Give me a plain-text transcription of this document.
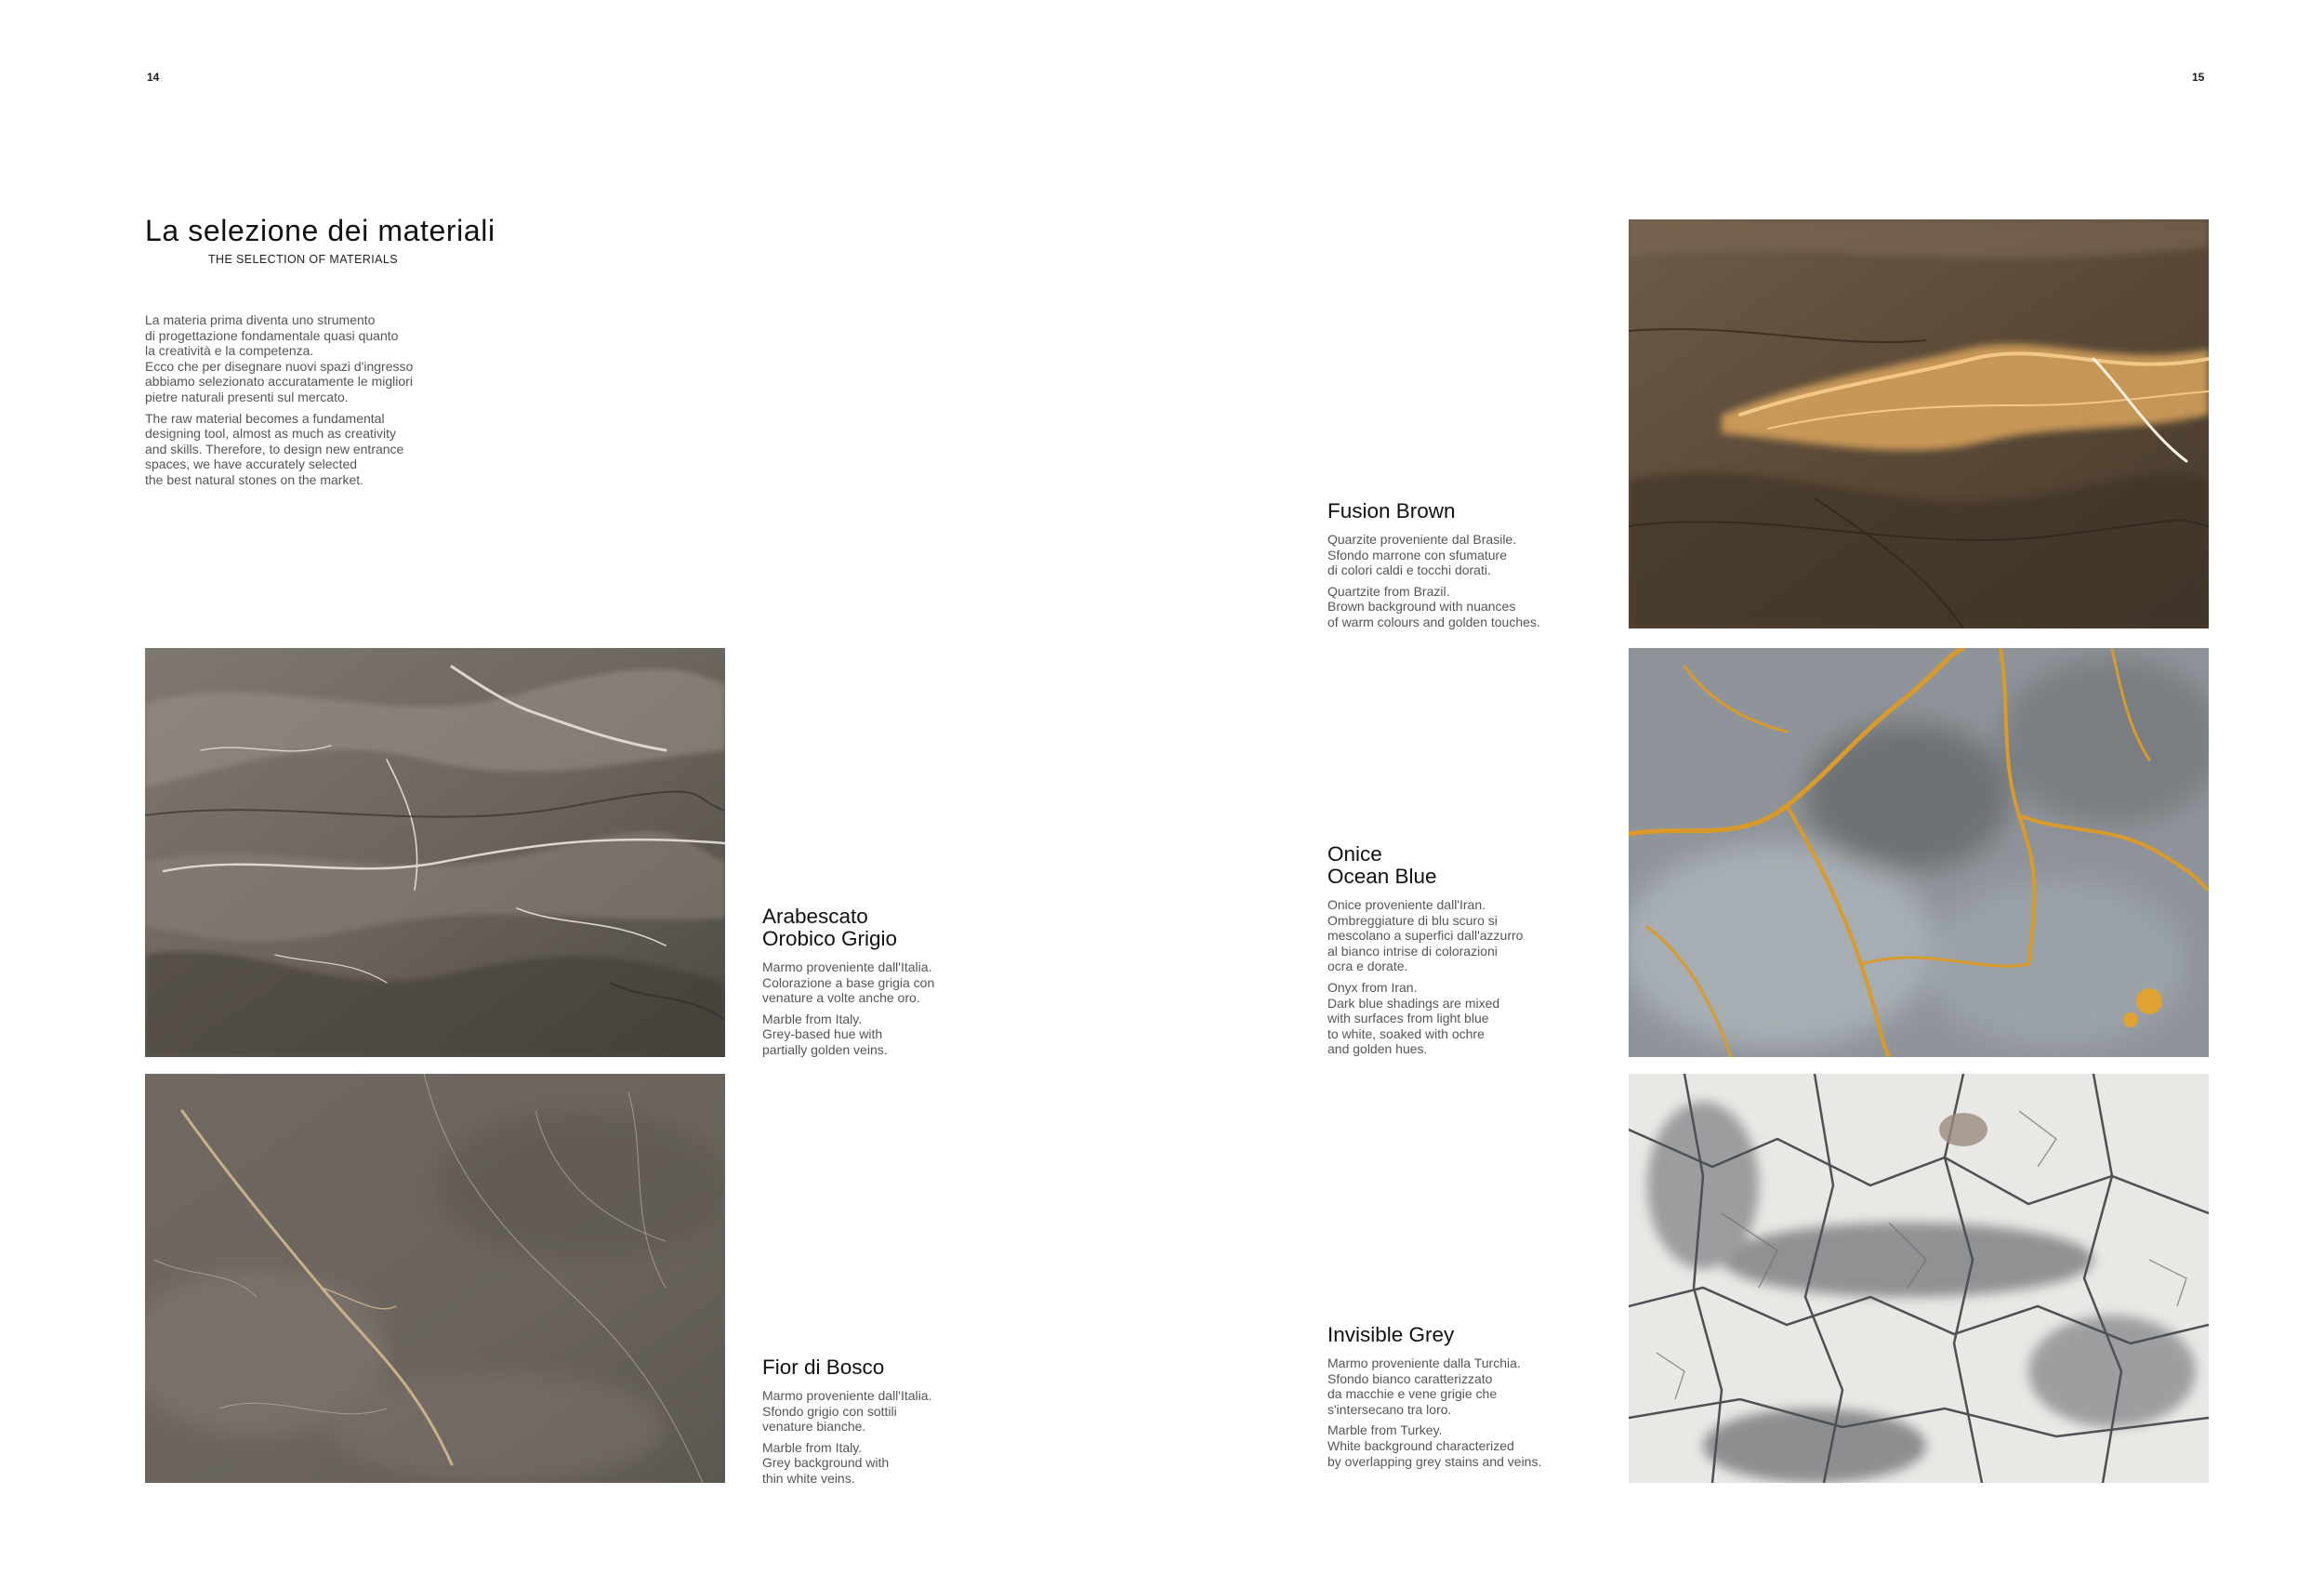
14	15
La selezione dei materiali
THE SELECTION OF MATERIALS

La materia prima diventa uno strumento
di progettazione fondamentale quasi quanto
la creatività e la competenza.
Ecco che per disegnare nuovi spazi d'ingresso
abbiamo selezionato accuratamente le migliori
pietre naturali presenti sul mercato.

The raw material becomes a fundamental
designing tool, almost as much as creativity
and skills. Therefore, to design new entrance
spaces, we have accurately selected
the best natural stones on the market.

Fusion Brown

Quarzite proveniente dal Brasile.
Sfondo marrone con sfumature
di colori caldi e tocchi dorati.

Quartzite from Brazil.
Brown background with nuances
of warm colours and golden touches.

Arabescato
Orobico Grigio

Marmo proveniente dall'Italia.
Colorazione a base grigia con
venature a volte anche oro.

Marble from Italy.
Grey-based hue with
partially golden veins.

Onice
Ocean Blue

Onice proveniente dall'Iran.
Ombreggiature di blu scuro si
mescolano a superfici dall'azzurro
al bianco intrise di colorazioni
ocra e dorate.

Onyx from Iran.
Dark blue shadings are mixed
with surfaces from light blue
to white, soaked with ochre
and golden hues.

Fior di Bosco

Marmo proveniente dall'Italia.
Sfondo grigio con sottili
venature bianche.

Marble from Italy.
Grey background with
thin white veins.

Invisible Grey

Marmo proveniente dalla Turchia.
Sfondo bianco caratterizzato
da macchie e vene grigie che
s'intersecano tra loro.

Marble from Turkey.
White background characterized
by overlapping grey stains and veins.
